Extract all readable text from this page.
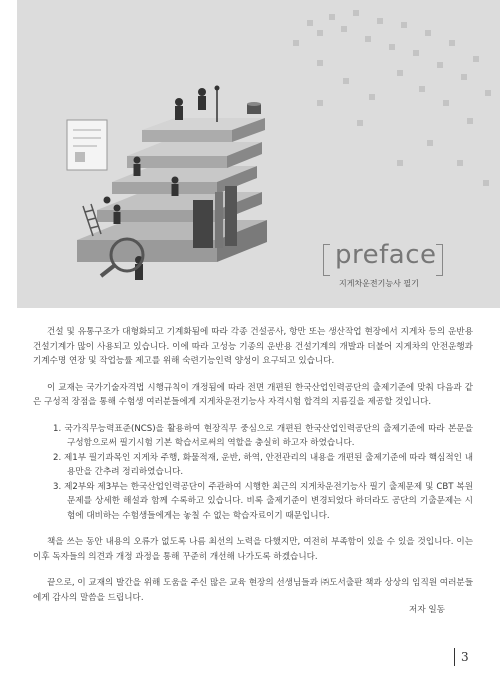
preface
지게차운전기능사 필기

건설 및 유통구조가 대형화되고 기계화됨에 따라 각종 건설공사, 항만 또는 생산작업 현장에서 지게차 등의 운반용 건설기계가 많이 사용되고 있습니다. 이에 따라 고성능 기종의 운반용 건설기계의 개발과 더불어 지게차의 안전운행과 기계수명 연장 및 작업능률 제고를 위해 숙련기능인력 양성이 요구되고 있습니다.

이 교재는 국가기술자격법 시행규칙이 개정됨에 따라 전면 개편된 한국산업인력공단의 출제기준에 맞춰 다음과 같은 구성적 장점을 통해 수험생 여러분들에게 지게차운전기능사 자격시험 합격의 지름길을 제공할 것입니다.

1. 국가직무능력표준(NCS)을 활용하여 현장직무 중심으로 개편된 한국산업인력공단의 출제기준에 따라 본문을 구성함으로써 필기시험 기본 학습서로써의 역할을 충실히 하고자 하였습니다.
2. 제1부 필기과목인 지게차 주행, 화물적재, 운반, 하역, 안전관리의 내용을 개편된 출제기준에 따라 핵심적인 내용만을 간추려 정리하였습니다.
3. 제2부와 제3부는 한국산업인력공단이 주관하여 시행한 최근의 지게차운전기능사 필기 출제문제 및 CBT 복원문제를 상세한 해설과 함께 수록하고 있습니다. 비록 출제기준이 변경되었다 하더라도 공단의 기출문제는 시험에 대비하는 수험생들에게는 놓칠 수 없는 학습자료이기 때문입니다.

책을 쓰는 동안 내용의 오류가 없도록 나름 최선의 노력을 다했지만, 여전히 부족함이 있을 수 있을 것입니다. 이는 이후 독자들의 의견과 개정 과정을 통해 꾸준히 개선해 나가도록 하겠습니다.

끝으로, 이 교재의 발간을 위해 도움을 주신 많은 교육 현장의 선생님들과 ㈜도서출판 책과 상상의 임직원 여러분들에게 감사의 말씀을 드립니다.

저자 일동
3
